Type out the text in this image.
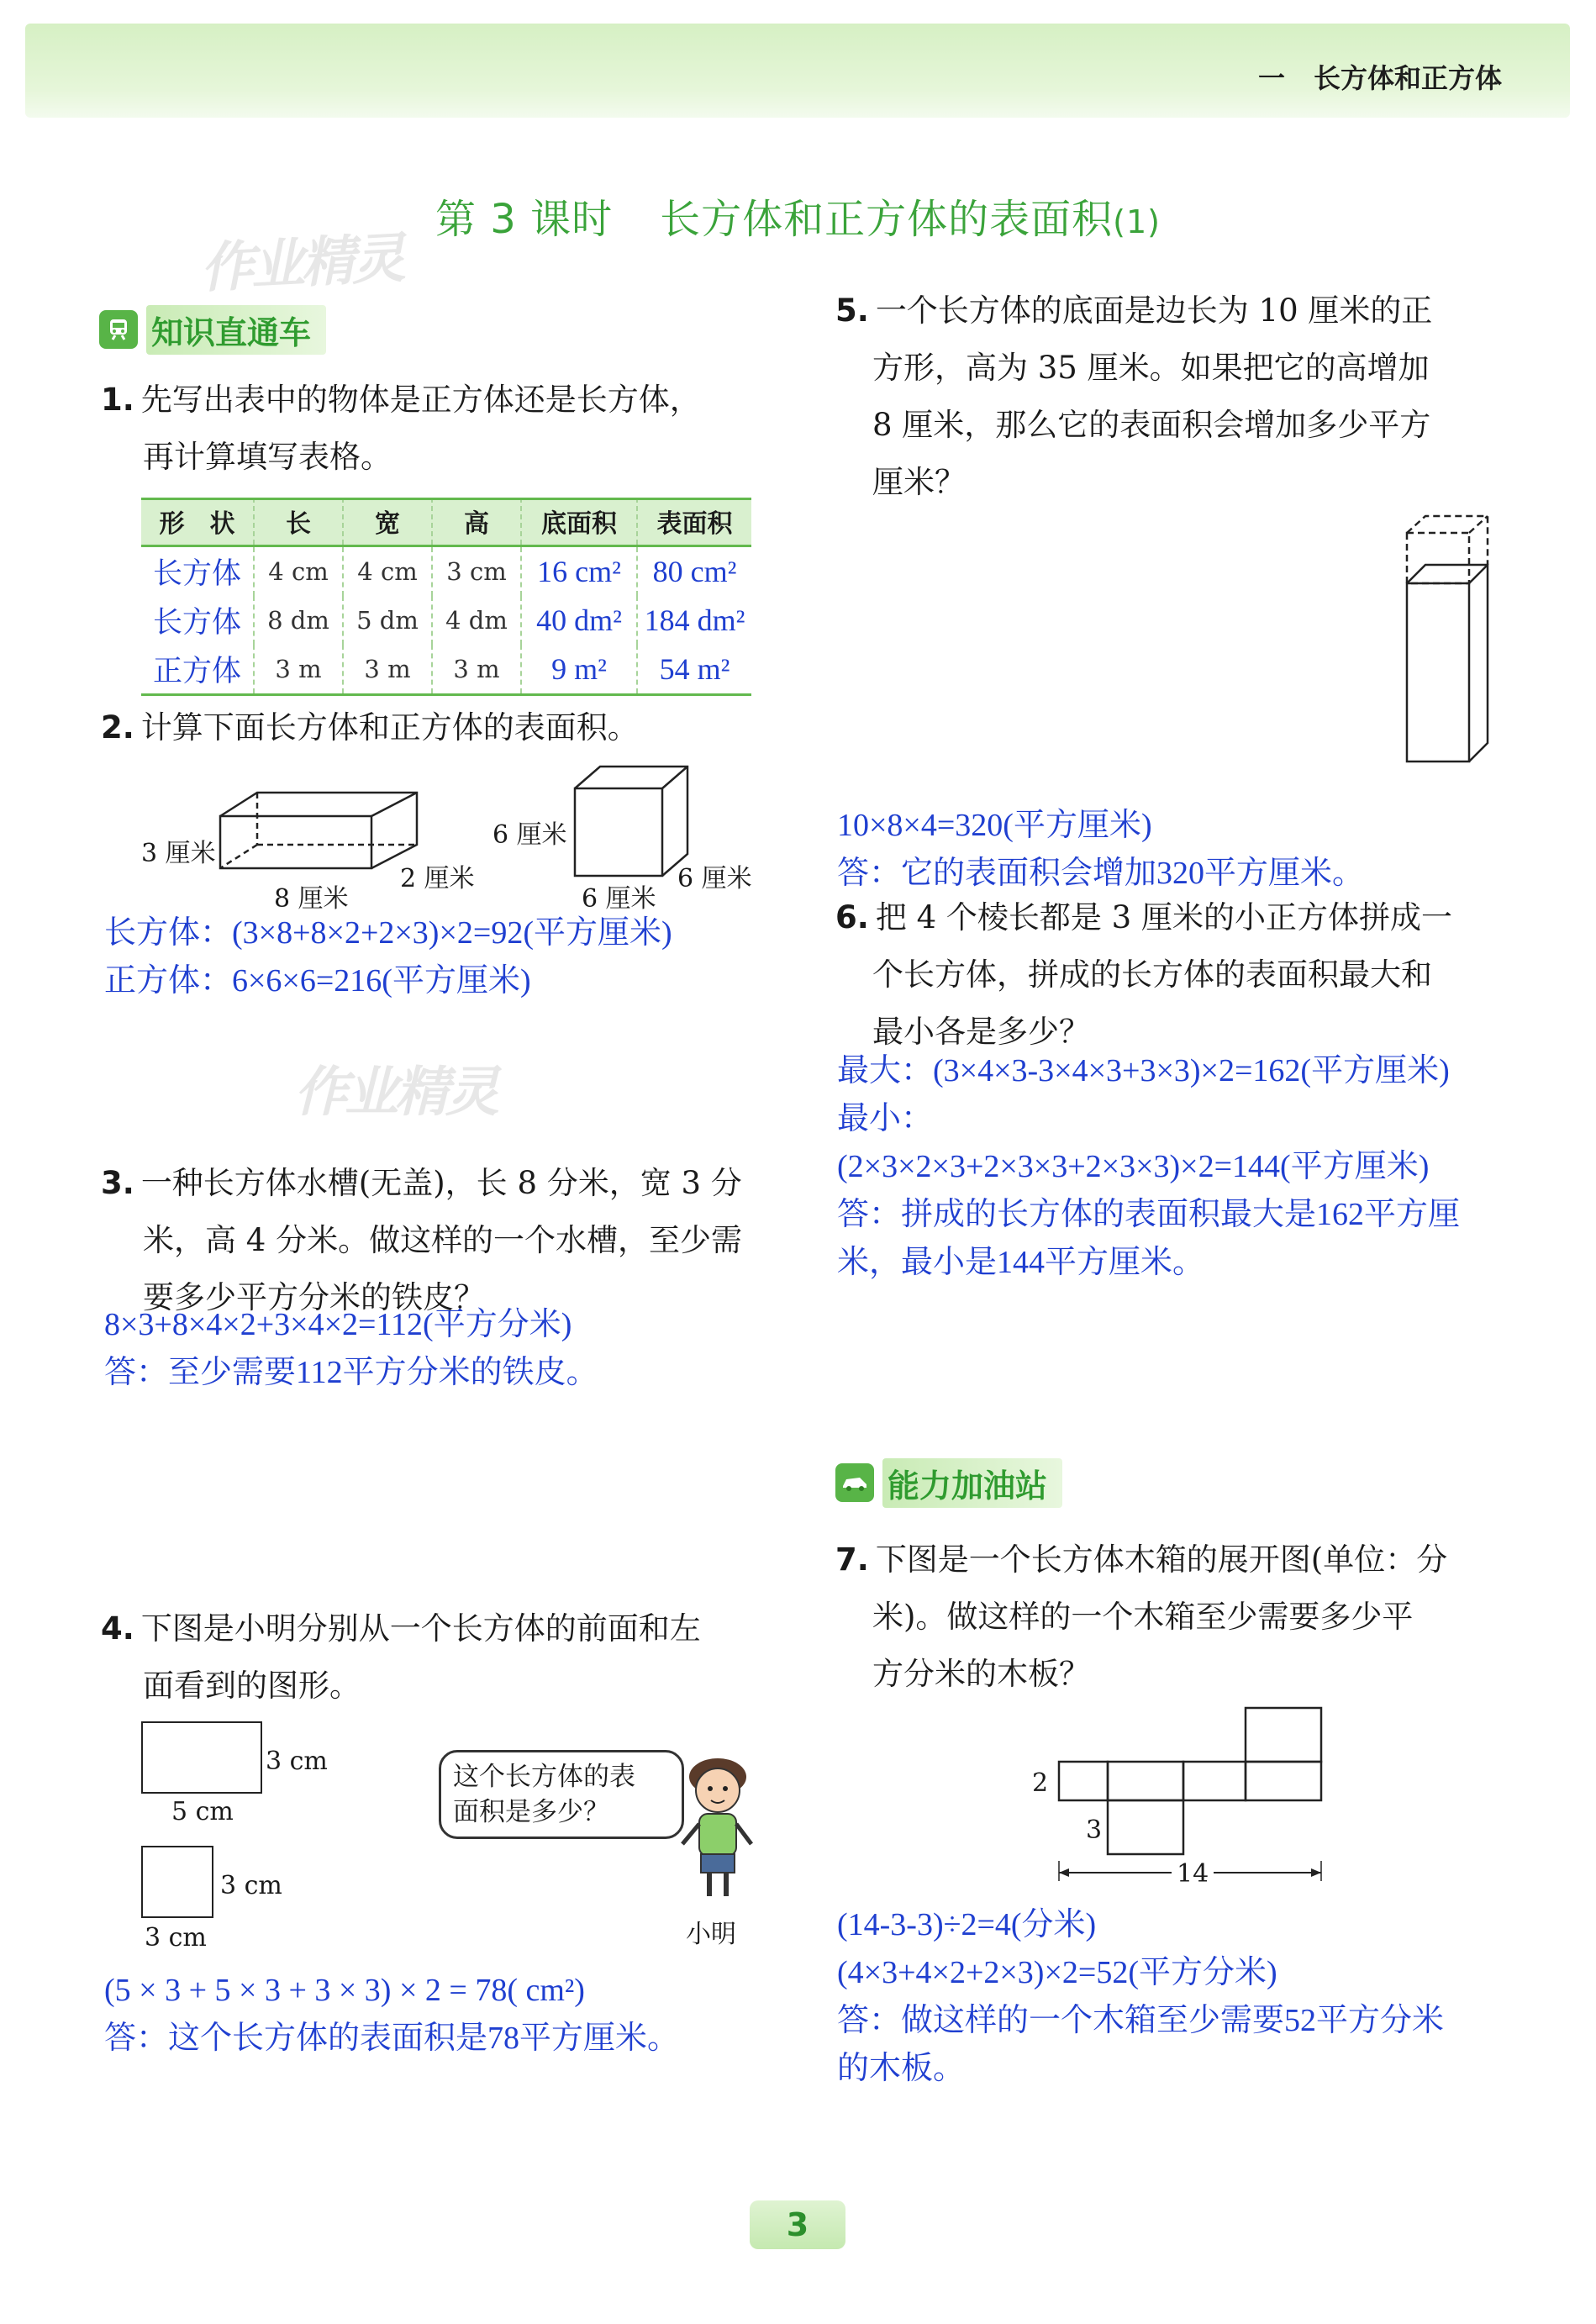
一 长方体和正方体
第 3 课时 长方体和正方体的表面积(1)
作业精灵
作业精灵
知识直通车
1. 先写出表中的物体是正方体还是长方体，
再计算填写表格。
形　状	长	宽	高	底面积	表面积
长方体	4 cm	4 cm	3 cm	16 cm²	80 cm²
长方体	8 dm	5 dm	4 dm	40 dm²	184 dm²
正方体	3 m	3 m	3 m	9 m²	54 m²
2. 计算下面长方体和正方体的表面积。
3 厘米
8 厘米
2 厘米
6 厘米
6 厘米
6 厘米
长方体：(3×8+8×2+2×3)×2=92(平方厘米)
正方体：6×6×6=216(平方厘米)
3. 一种长方体水槽(无盖)，长 8 分米，宽 3 分
米，高 4 分米。做这样的一个水槽，至少需
要多少平方分米的铁皮？
8×3+8×4×2+3×4×2=112(平方分米)
答：至少需要112平方分米的铁皮。
4. 下图是小明分别从一个长方体的前面和左
面看到的图形。
3 cm
5 cm
3 cm
3 cm
这个长方体的表
面积是多少？
小明
(5 × 3 + 5 × 3 + 3 × 3) × 2 = 78( cm²)
答：这个长方体的表面积是78平方厘米。
5. 一个长方体的底面是边长为 10 厘米的正
方形，高为 35 厘米。如果把它的高增加
8 厘米，那么它的表面积会增加多少平方
厘米？
10×8×4=320(平方厘米)
答：它的表面积会增加320平方厘米。
6. 把 4 个棱长都是 3 厘米的小正方体拼成一
个长方体，拼成的长方体的表面积最大和
最小各是多少？
最大：(3×4×3-3×4×3+3×3)×2=162(平方厘米)
最小：
(2×3×2×3+2×3×3+2×3×3)×2=144(平方厘米)
答：拼成的长方体的表面积最大是162平方厘
米，最小是144平方厘米。
能力加油站
7. 下图是一个长方体木箱的展开图(单位：分
米)。做这样的一个木箱至少需要多少平
方分米的木板？
2
3
14
(14-3-3)÷2=4(分米)
(4×3+4×2+2×3)×2=52(平方分米)
答：做这样的一个木箱至少需要52平方分米
的木板。
3
